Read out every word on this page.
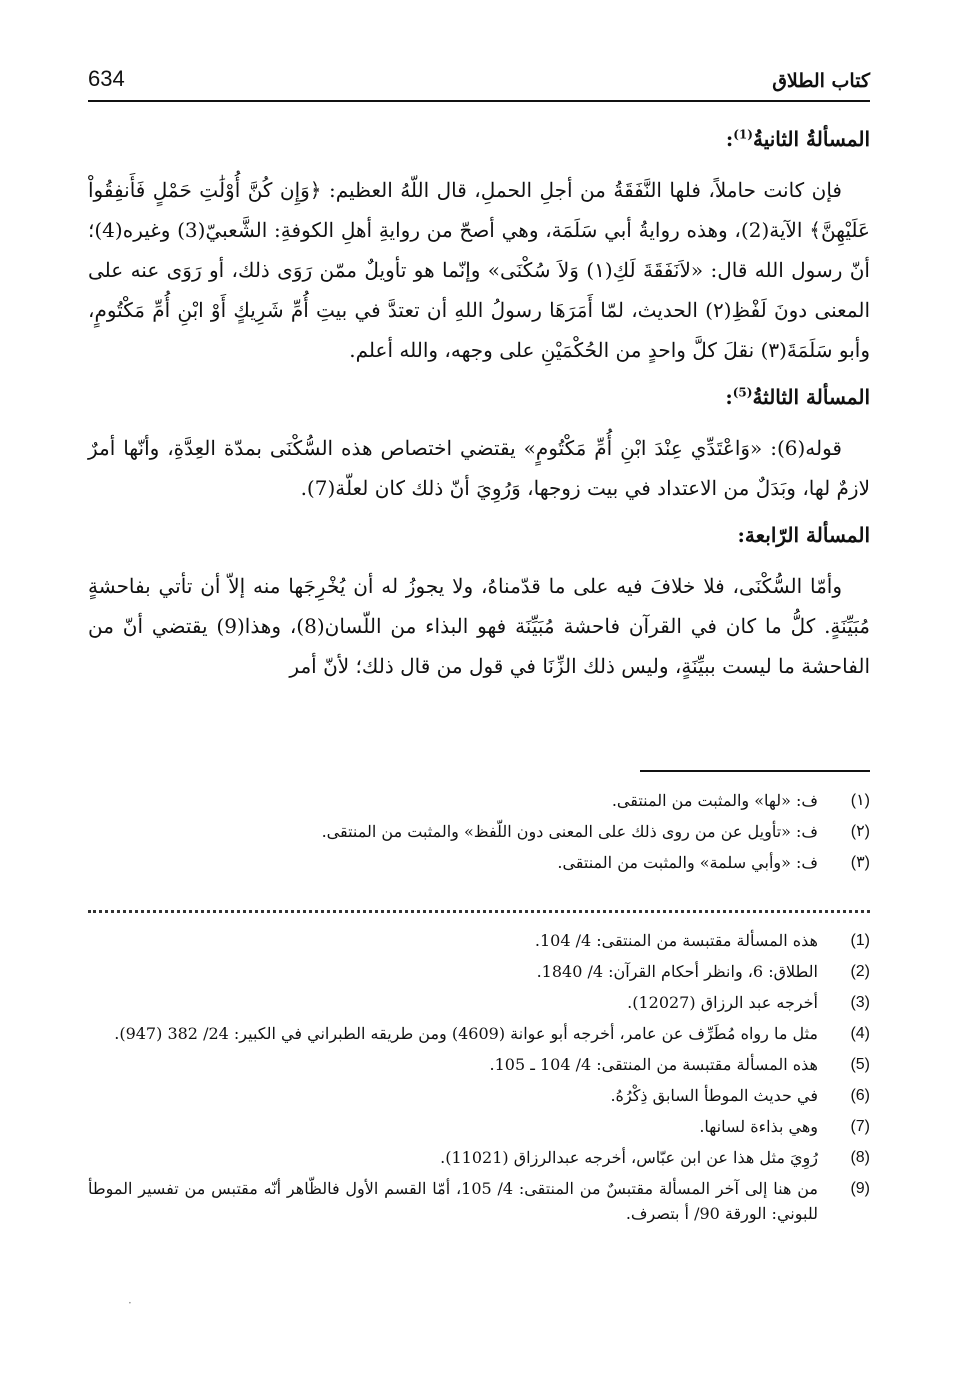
كتاب الطلاق
634
المسألةُ الثانيةُ$^{(1)}$:

فإن كانت حاملاً، فلها النَّفَقَةُ من أجلِ الحملِ، قال اللّهُ العظيم: ﴿وَإِن كُنَّ أُوْلَٰتِ حَمْلٍ فَأَنفِقُواْ عَلَيْهِنَّ﴾ الآية(2)، وهذه روايةُ أبي سَلَمَة، وهي أصحّ من روايةِ أهلِ الكوفةِ: الشَّعبيّ(3) وغيره(4)؛ أنّ رسول الله قال: «لاَنَفَقَةَ لَكِ(١) وَلاَ سُكْنَى» وإنّما هو تأويلٌ ممّن رَوَى ذلك، أو رَوَى عنه على المعنى دونَ لَفْظِ(٢) الحديث، لمّا أَمَرَهَا رسولُ اللهِ أن تعتدَّ في بيتِ أُمِّ شَرِيكٍ أَوْ ابْنِ أُمِّ مَكْتُومٍ، وأبو سَلَمَةَ(٣) نقلَ كلَّ واحدٍ من الحُكْمَيْنِ على وجهه، والله أعلم.

المسألة الثالثةُ$^{(5)}$:

قوله(6): «وَاعْتَدِّي عِنْدَ ابْنِ أُمِّ مَكْتُومٍ» يقتضي اختصاص هذه السُّكْنَى بمدّة العِدَّةِ، وأنّها أمرٌ لازمٌ لها، وبَدَلٌ من الاعتداد في بيت زوجها، وَرُوِيَ أنّ ذلك كان لعلّة(7).

المسألة الرّابعة:

وأمّا السُّكْنَى، فلا خلافَ فيه على ما قدّمناهُ، ولا يجوزُ له أن يُخْرِجَها منه إلاّ أن تأتي بفاحشةٍ مُبَيِّنَةٍ. كلُّ ما كان في القرآن فاحشة مُبَيِّنَة فهو البذاء من اللّسان(8)، وهذا(9) يقتضي أنّ من الفاحشة ما ليست ببيِّنَةٍ، وليس ذلك الزِّنَا في قول من قال ذلك؛ لأنّ أمر

(١)
ف: «لها» والمثبت من المنتقى.
(٢)
ف: «تأويل عن من روى ذلك على المعنى دون اللّفظ» والمثبت من المنتقى.
(٣)
ف: «وأبي سلمة» والمثبت من المنتقى.
(1)
هذه المسألة مقتبسة من المنتقى: 4/ 104.
(2)
الطلاق: 6، وانظر أحكام القرآن: 4/ 1840.
(3)
أخرجه عبد الرزاق (12027).
(4)
مثل ما رواه مُطَرِّف عن عامر، أخرجه أبو عوانة (4609) ومن طريقه الطبراني في الكبير: 24/ 382 (947).
(5)
هذه المسألة مقتبسة من المنتقى: 4/ 104 ـ 105.
(6)
في حديث الموطأ السابق ذِكْرُهُ.
(7)
وهي بذاءة لسانها.
(8)
رُوِيَ مثل هذا عن ابن عبّاس، أخرجه عبدالرزاق (11021).
(9)
من هنا إلى آخر المسألة مقتبسٌ من المنتقى: 4/ 105، أمّا القسم الأول فالظّاهر أنّه مقتبس من تفسير الموطأ للبوني: الورقة 90/ أ بتصرف.
·
